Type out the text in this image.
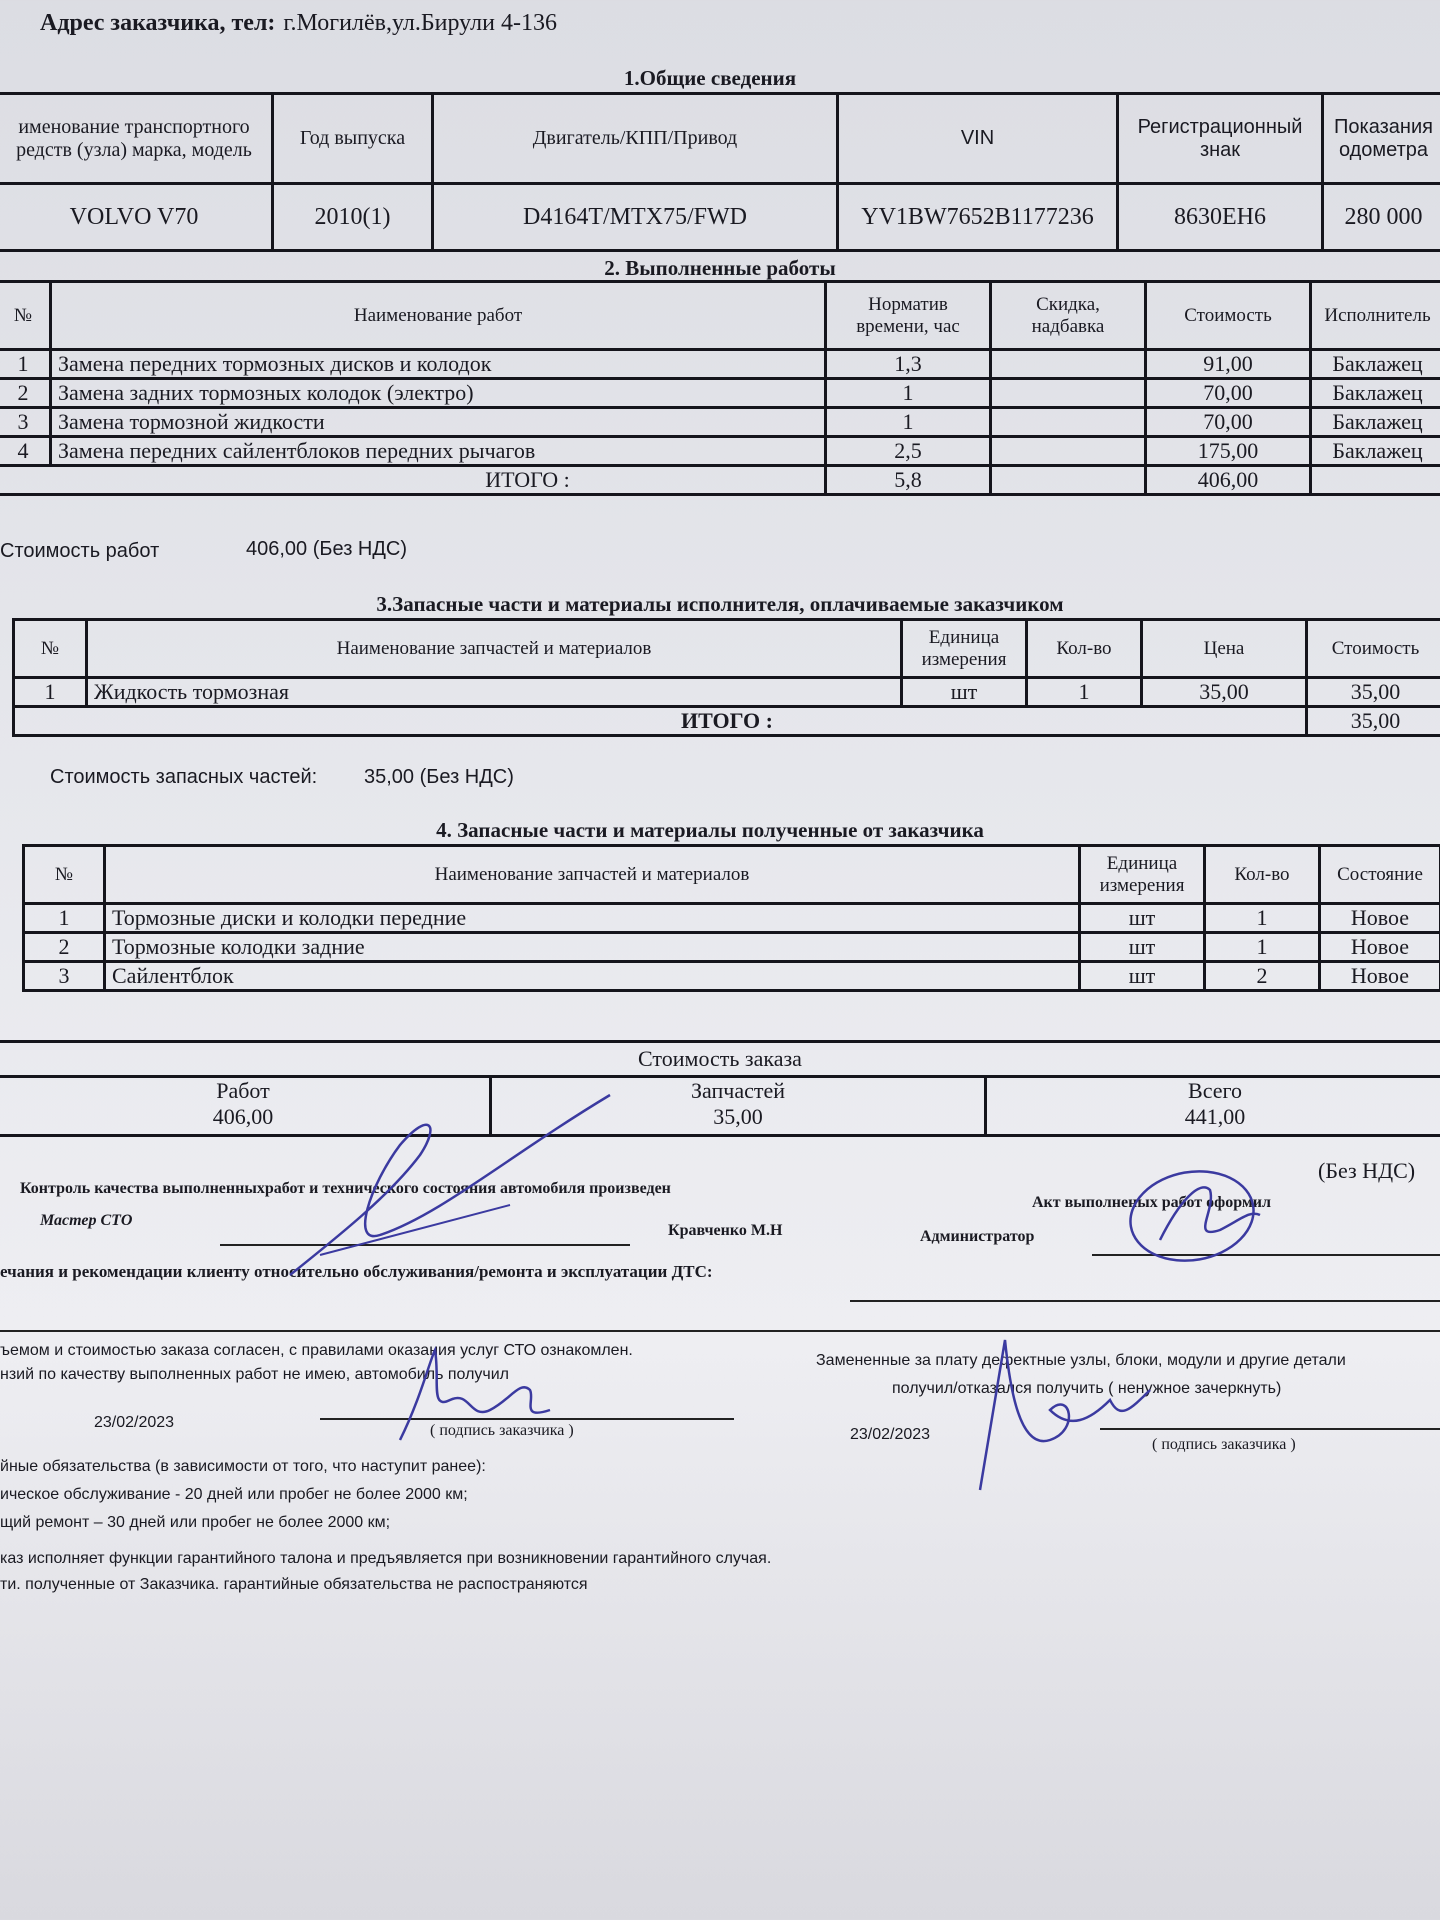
Адрес заказчика, тел: г.Могилёв,ул.Бирули 4-136
1.Общие сведения
именование транспортного редств (узла) марка, модель	Год выпуска	Двигатель/КПП/Привод	VIN	Регистрационный знак	Показания одометра
VOLVO V70	2010(1)	D4164T/MTX75/FWD	YV1BW7652B1177236	8630EH6	280 000
2. Выполненные работы
№	Наименование работ	Норматив времени, час	Скидка, надбавка	Стоимость	Исполнитель
1	Замена передних тормозных дисков и колодок	1,3		91,00	Баклажец
2	Замена задних тормозных колодок (электро)	1		70,00	Баклажец
3	Замена тормозной жидкости	1		70,00	Баклажец
4	Замена передних сайлентблоков передних рычагов	2,5		175,00	Баклажец
ИТОГО :		5,8		406,00	
Стоимость работ	406,00 (Без НДС)
3.Запасные части и материалы исполнителя, оплачиваемые заказчиком
№	Наименование запчастей и материалов	Единица измерения	Кол-во	Цена	Стоимость
1	Жидкость тормозная	шт	1	35,00	35,00
ИТОГО :					35,00
Стоимость запасных частей: 35,00 (Без НДС)
4. Запасные части и материалы полученные от заказчика
№	Наименование запчастей и материалов	Единица измерения	Кол-во	Состояние
1	Тормозные диски и колодки передние	шт	1	Новое
2	Тормозные колодки задние	шт	1	Новое
3	Сайлентблок	шт	2	Новое
Стоимость заказа

Работ
406,00

Запчастей
35,00

Всего
441,00
(Без НДС)
Контроль качества выполненныхработ и технического состояния автомобиля произведен
Акт выполненых работ оформил
Мастер СТО
Кравченко М.Н	Администратор
ечания и рекомендации клиенту относительно обслуживания/ремонта и эксплуатации ДТС:
ъемом и стоимостью заказа согласен, с правилами оказания услуг СТО ознакомлен.
нзий по качеству выполненных работ не имею, автомобиль получил
Замененные за плату дефектные узлы, блоки, модули и другие детали
получил/отказался получить ( ненужное зачеркнуть)
23/02/2023	( подпись заказчика )	23/02/2023
( подпись заказчика )
йные обязательства (в зависимости от того, что наступит ранее):
ическое обслуживание - 20 дней или пробег не более 2000 км;
щий ремонт – 30 дней или пробег не более 2000 км;
каз исполняет функции гарантийного талона и предъявляется при возникновении гарантийного случая.
ти. полученные от Заказчика. гарантийные обязательства не распостраняются
